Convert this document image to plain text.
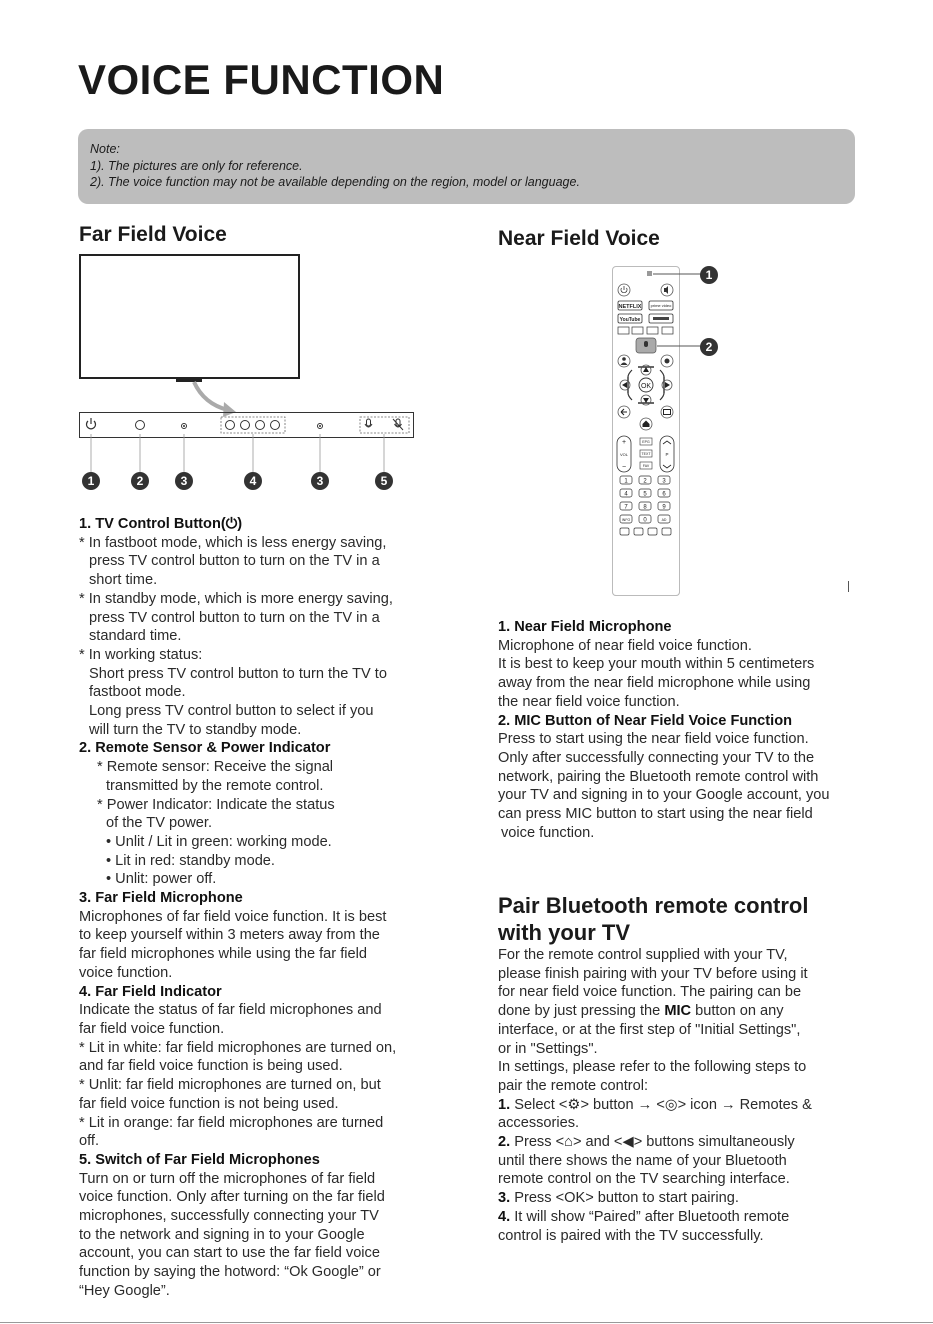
VOICE FUNCTION
Note:
1). The pictures are only for reference.
2). The voice function may not be available depending on the region, model or language.
Far Field Voice
1	2	3	4	3	5

1. TV Control Button(⏻)

* In fastboot mode, which is less energy saving,

press TV control button to turn on the TV in a

short time.

* In standby mode, which is more energy saving,

press TV control button to turn on the TV in a

standard time.

* In working status:

Short press TV control button to turn the TV to

fastboot mode.

Long press TV control button to select if you

will turn the TV to standby mode.

2. Remote Sensor & Power Indicator

* Remote sensor: Receive the signal

transmitted by the remote control.

* Power Indicator: Indicate the status

of the TV power.

• Unlit / Lit in green: working mode.

• Lit in red: standby mode.

• Unlit: power off.

3. Far Field Microphone

Microphones of far field voice function. It is best

to keep yourself within 3 meters away from the

far field microphones while using the far field

voice function.

4. Far Field Indicator

Indicate the status of far field microphones and

far field voice function.

* Lit in white: far field microphones are turned on,

and far field voice function is being used.

* Unlit: far field microphones are turned on, but

far field voice function is not being used.

* Lit in orange: far field microphones are turned

off.

5. Switch of Far Field Microphones

Turn on or turn off the microphones of far field

voice function. Only after turning on the far field

microphones, successfully connecting your TV

to the network and signing in to your Google

account, you can start to use the far field voice

function by saying the hotword: “Ok Google” or

“Hey Google”.

Near Field Voice
NETFLIX prime video
YouTube
OK
+
VOL
−
P
EPG
TEXT
FAV
1	2	3
4	5	6
7	8	9
INFO 0	AD
1
2

1. Near Field Microphone

Microphone of near field voice function.

It is best to keep your mouth within 5 centimeters

away from the near field microphone while using

the near field voice function.

2. MIC Button of Near Field Voice Function

Press to start using the near field voice function.

Only after successfully connecting your TV to the

network, pairing the Bluetooth remote control with

your TV and signing in to your Google account, you

can press MIC button to start using the near field

voice function.

Pair Bluetooth remote control
with your TV

For the remote control supplied with your TV,

please finish pairing with your TV before using it

for near field voice function. The pairing can be

done by just pressing the MIC button on any

interface, or at the first step of "Initial Settings",

or in "Settings".

In settings, please refer to the following steps to

pair the remote control:

1. Select <⚙> button → <◎> icon → Remotes &

accessories.

2. Press <⌂> and <◀> buttons simultaneously

until there shows the name of your Bluetooth

remote control on the TV searching interface.

3. Press <OK> button to start pairing.

4. It will show “Paired” after Bluetooth remote

control is paired with the TV successfully.
